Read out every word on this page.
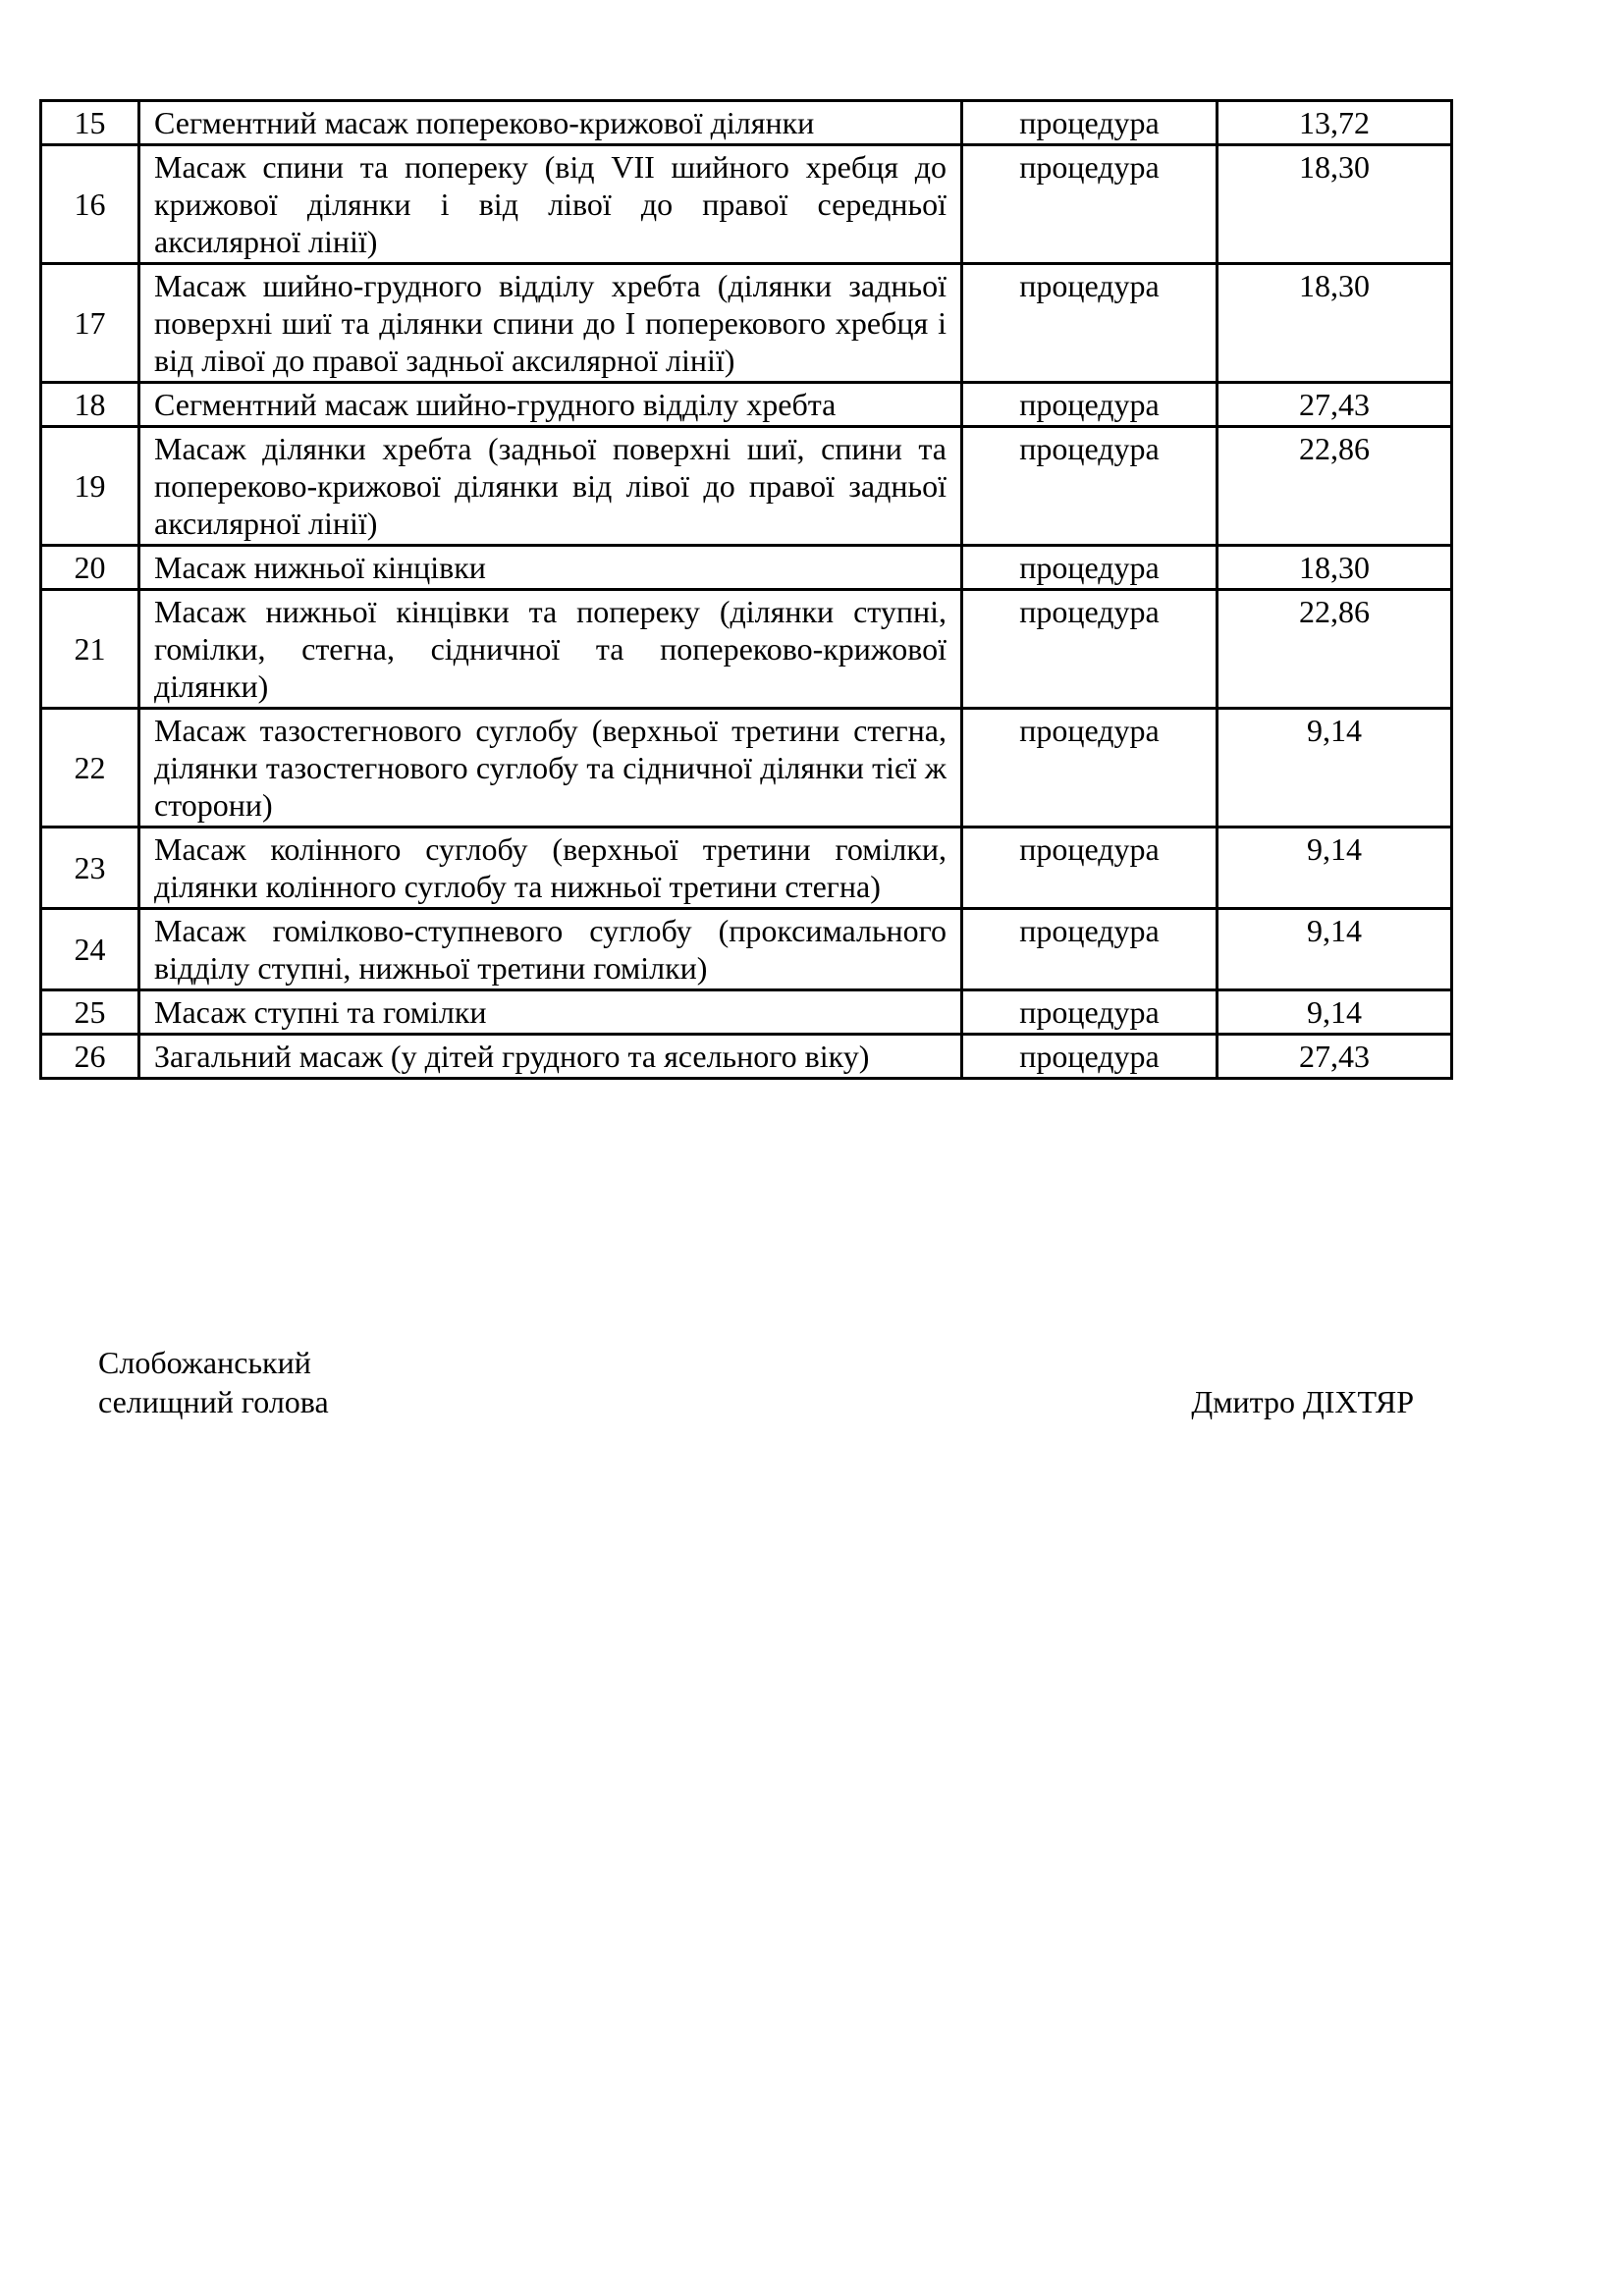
15	Сегментний масаж попереково-крижової ділянки	процедура	13,72
16	Масаж спини та попереку (від VII шийного хребця до крижової ділянки і від лівої до правої середньої аксилярної лінії)	процедура	18,30
17	Масаж шийно-грудного відділу хребта (ділянки задньої поверхні шиї та ділянки спини до I поперекового хребця і від лівої до правої задньої аксилярної лінії)	процедура	18,30
18	Сегментний масаж шийно-грудного відділу хребта	процедура	27,43
19	Масаж ділянки хребта (задньої поверхні шиї, спини та попереково-крижової ділянки від лівої до правої задньої аксилярної лінії)	процедура	22,86
20	Масаж нижньої кінцівки	процедура	18,30
21	Масаж нижньої кінцівки та попереку (ділянки ступні, гомілки, стегна, сідничної та попереково-крижової ділянки)	процедура	22,86
22	Масаж тазостегнового суглобу (верхньої третини стегна, ділянки тазостегнового суглобу та сідничної ділянки тієї ж сторони)	процедура	9,14
23	Масаж колінного суглобу (верхньої третини гомілки, ділянки колінного суглобу та нижньої третини стегна)	процедура	9,14
24	Масаж гомілково-ступневого суглобу (проксимального відділу ступні, нижньої третини гомілки)	процедура	9,14
25	Масаж ступні та гомілки	процедура	9,14
26	Загальний масаж (у дітей грудного та ясельного віку)	процедура	27,43
Слобожанський
селищний голова	Дмитро ДІХТЯР
